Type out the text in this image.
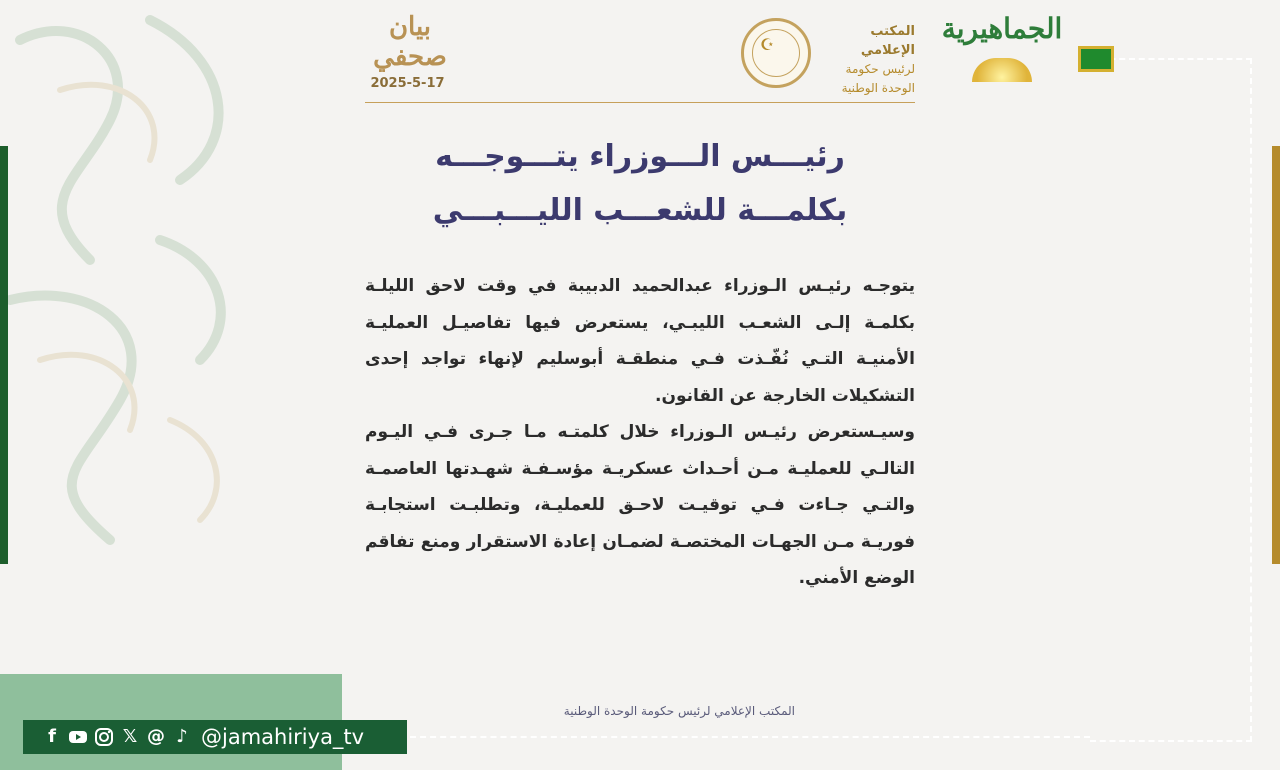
بيان صحفي
2025-5-17
☪
المكتب الإعلامي
لرئيس حكومة
الوحدة الوطنية
الجماهيرية
رئيـــس الـــوزراء يتـــوجـــه
بكلمـــة للشعـــب الليـــبـــي

يتوجـه رئيـس الـوزراء عبدالحميد الدبيبة في وقت لاحق الليلـة بكلمـة إلـى الشعـب الليبـي، يستعرض فيها تفاصيـل العمليـة الأمنيـة التـي نُفّـذت فـي منطقـة أبوسليم لإنهاء تواجد إحدى التشكيلات الخارجة عن القانون.

وسيـستعرض رئيـس الـوزراء خلال كلمتـه مـا جـرى فـي اليـوم التالـي للعمليـة مـن أحـداث عسكريـة مؤسـفـة شهـدتها العاصمـة والتـي جـاءت فـي توقيـت لاحـق للعمليـة، وتطلبـت استجابـة فوريـة مـن الجهـات المختصـة لضمـان إعادة الاستقرار ومنع تفاقم الوضع الأمني.

المكتب الإعلامي لرئيس حكومة الوحدة الوطنية
f	𝕏 @ ♪ @jamahiriya_tv
